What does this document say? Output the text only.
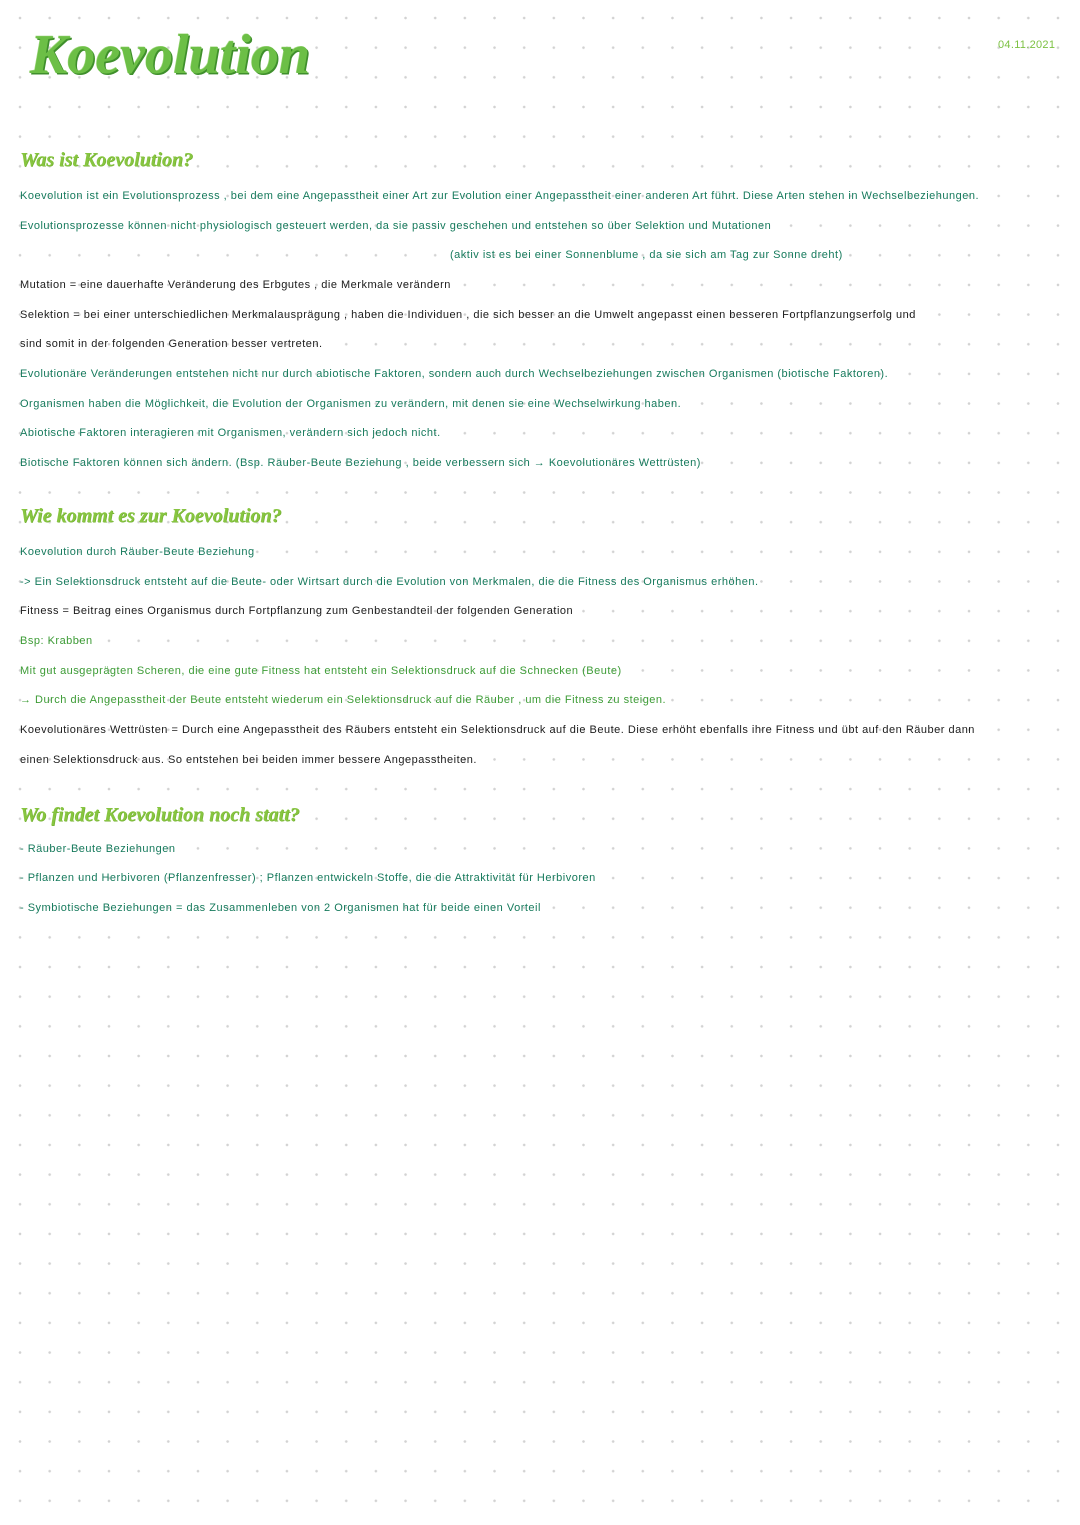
Koevolution	04.11.2021
Was ist Koevolution?
Koevolution ist ein Evolutionsprozess , bei dem eine Angepasstheit einer Art zur Evolution einer Angepasstheit einer anderen Art führt. Diese Arten stehen in Wechselbeziehungen.
Evolutionsprozesse können nicht physiologisch gesteuert werden, da sie passiv geschehen und entstehen so über Selektion und Mutationen
(aktiv ist es bei einer Sonnenblume , da sie sich am Tag zur Sonne dreht)
Mutation = eine dauerhafte Veränderung des Erbgutes , die Merkmale verändern
Selektion = bei einer unterschiedlichen Merkmalausprägung , haben die Individuen , die sich besser an die Umwelt angepasst einen besseren Fortpflanzungserfolg und
sind somit in der folgenden Generation besser vertreten.
Evolutionäre Veränderungen entstehen nicht nur durch abiotische Faktoren, sondern auch durch Wechselbeziehungen zwischen Organismen (biotische Faktoren).
Organismen haben die Möglichkeit, die Evolution der Organismen zu verändern, mit denen sie eine Wechselwirkung haben.
Abiotische Faktoren interagieren mit Organismen, verändern sich jedoch nicht.
Biotische Faktoren können sich ändern. (Bsp. Räuber-Beute Beziehung , beide verbessern sich → Koevolutionäres Wettrüsten)
Wie kommt es zur Koevolution?
Koevolution durch Räuber-Beute Beziehung
-> Ein Selektionsdruck entsteht auf die Beute- oder Wirtsart durch die Evolution von Merkmalen, die die Fitness des Organismus erhöhen.
Fitness = Beitrag eines Organismus durch Fortpflanzung zum Genbestandteil der folgenden Generation
Bsp: Krabben
Mit gut ausgeprägten Scheren, die eine gute Fitness hat entsteht ein Selektionsdruck auf die Schnecken (Beute)
→ Durch die Angepasstheit der Beute entsteht wiederum ein Selektionsdruck auf die Räuber , um die Fitness zu steigen.
Koevolutionäres Wettrüsten = Durch eine Angepasstheit des Räubers entsteht ein Selektionsdruck auf die Beute. Diese erhöht ebenfalls ihre Fitness und übt auf den Räuber dann
einen Selektionsdruck aus. So entstehen bei beiden immer bessere Angepasstheiten.
Wo findet Koevolution noch statt?
- Räuber-Beute Beziehungen
- Pflanzen und Herbivoren (Pflanzenfresser) ; Pflanzen entwickeln Stoffe, die die Attraktivität für Herbivoren
- Symbiotische Beziehungen = das Zusammenleben von 2 Organismen hat für beide einen Vorteil
